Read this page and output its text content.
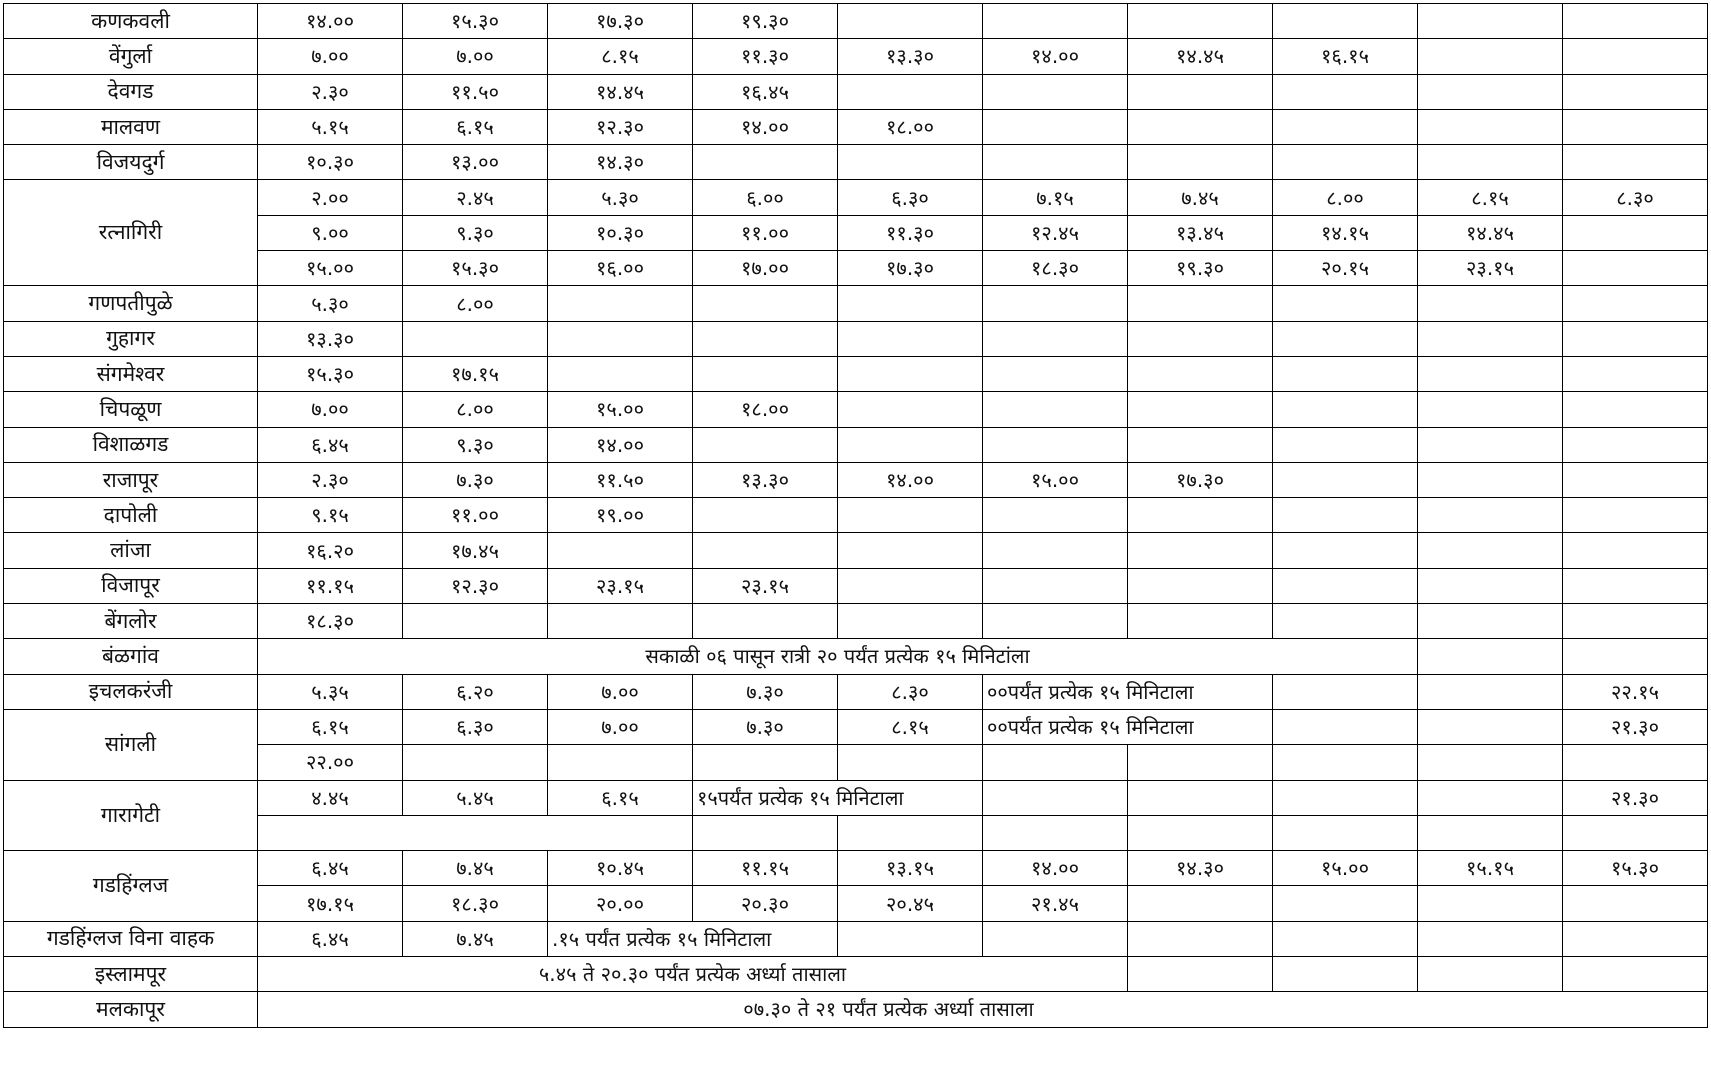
कणकवली	१४.००	१५.३०	१७.३०	१९.३०						
वेंगुर्ला	७.००	७.००	८.१५	११.३०	१३.३०	१४.००	१४.४५	१६.१५		
देवगड	२.३०	११.५०	१४.४५	१६.४५						
मालवण	५.१५	६.१५	१२.३०	१४.००	१८.००					
विजयदुर्ग	१०.३०	१३.००	१४.३०							
रत्नागिरी	२.००	२.४५	५.३०	६.००	६.३०	७.१५	७.४५	८.००	८.१५	८.३०
	९.००	९.३०	१०.३०	११.००	११.३०	१२.४५	१३.४५	१४.१५	१४.४५	
	१५.००	१५.३०	१६.००	१७.००	१७.३०	१८.३०	१९.३०	२०.१५	२३.१५	
गणपतीपुळे	५.३०	८.००								
गुहागर	१३.३०									
संगमेश्वर	१५.३०	१७.१५								
चिपळूण	७.००	८.००	१५.००	१८.००						
विशाळगड	६.४५	९.३०	१४.००							
राजापूर	२.३०	७.३०	११.५०	१३.३०	१४.००	१५.००	१७.३०			
दापोली	९.१५	११.००	१९.००							
लांजा	१६.२०	१७.४५								
विजापूर	११.१५	१२.३०	२३.१५	२३.१५						
बेंगलोर	१८.३०									
बंळगांव	सकाळी ०६ पासून रात्री २० पर्यंत प्रत्येक १५ मिनिटांला									
इचलकरंजी	५.३५	६.२०	७.००	७.३०	८.३०	००पर्यंत प्रत्येक १५ मिनिटाला				२२.१५
सांगली	६.१५	६.३०	७.००	७.३०	८.१५	००पर्यंत प्रत्येक १५ मिनिटाला				२१.३०
	२२.००									
गारागेटी	४.४५	५.४५	६.१५	१५पर्यंत प्रत्येक १५ मिनिटाला						२१.३०

गडहिंग्लज	६.४५	७.४५	१०.४५	११.१५	१३.१५	१४.००	१४.३०	१५.००	१५.१५	१५.३०
	१७.१५	१८.३०	२०.००	२०.३०	२०.४५	२१.४५				
गडहिंग्लज विना वाहक	६.४५	७.४५	.१५ पर्यंत प्रत्येक १५ मिनिटाला							
इस्लामपूर	५.४५ ते २०.३० पर्यंत प्रत्येक अर्ध्या तासाला									
मलकापूर	०७.३० ते २१ पर्यंत प्रत्येक अर्ध्या तासाला									
